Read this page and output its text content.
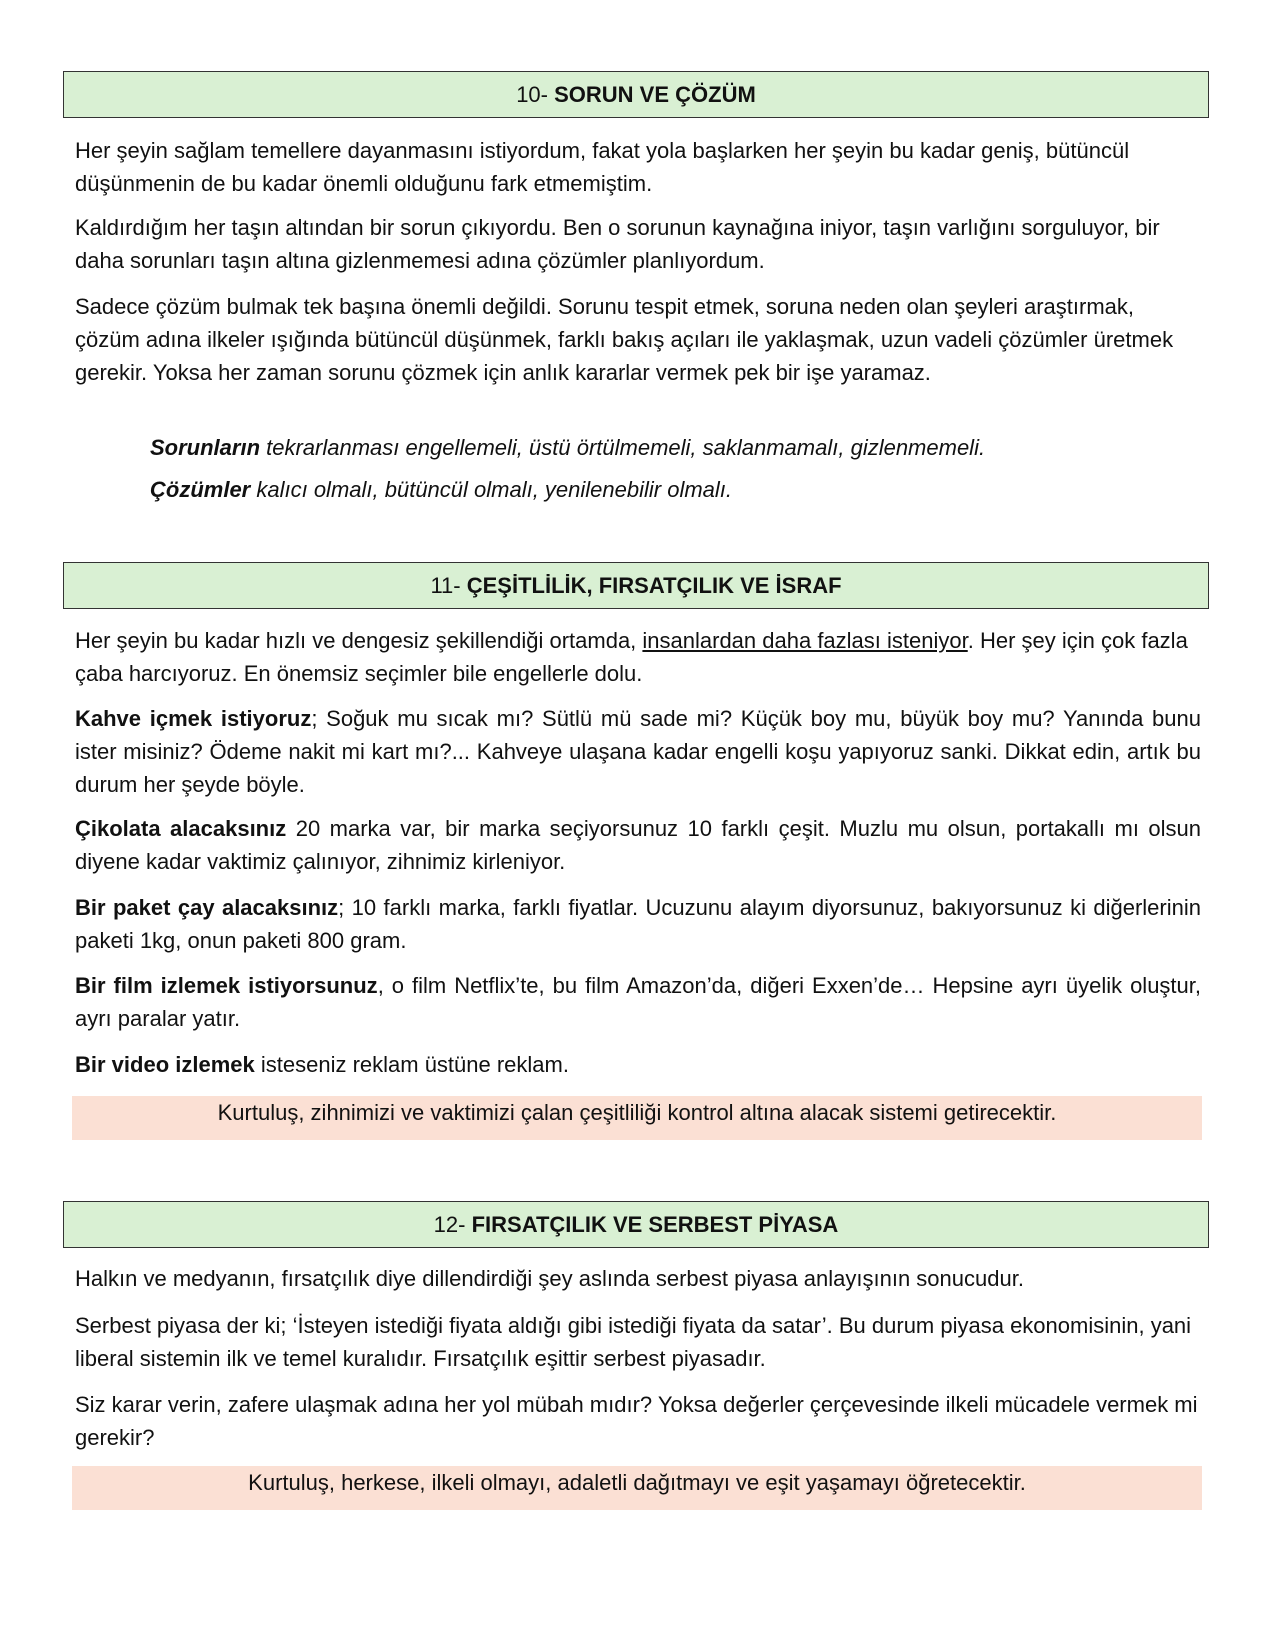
10- SORUN VE ÇÖZÜM

Her şeyin sağlam temellere dayanmasını istiyordum, fakat yola başlarken her şeyin bu kadar geniş, bütüncül düşünmenin de bu kadar önemli olduğunu fark etmemiştim.

Kaldırdığım her taşın altından bir sorun çıkıyordu. Ben o sorunun kaynağına iniyor, taşın varlığını sorguluyor, bir daha sorunları taşın altına gizlenmemesi adına çözümler planlıyordum.

Sadece çözüm bulmak tek başına önemli değildi. Sorunu tespit etmek, soruna neden olan şeyleri araştırmak, çözüm adına ilkeler ışığında bütüncül düşünmek, farklı bakış açıları ile yaklaşmak, uzun vadeli çözümler üretmek gerekir. Yoksa her zaman sorunu çözmek için anlık kararlar vermek pek bir işe yaramaz.

Sorunların tekrarlanması engellemeli, üstü örtülmemeli, saklanmamalı, gizlenmemeli.

Çözümler kalıcı olmalı, bütüncül olmalı, yenilenebilir olmalı.

11- ÇEŞİTLİLİK, FIRSATÇILIK VE İSRAF

Her şeyin bu kadar hızlı ve dengesiz şekillendiği ortamda, insanlardan daha fazlası isteniyor. Her şey için çok fazla çaba harcıyoruz. En önemsiz seçimler bile engellerle dolu.

Kahve içmek istiyoruz; Soğuk mu sıcak mı? Sütlü mü sade mi? Küçük boy mu, büyük boy mu? Yanında bunu ister misiniz? Ödeme nakit mi kart mı?... Kahveye ulaşana kadar engelli koşu yapıyoruz sanki. Dikkat edin, artık bu durum her şeyde böyle.

Çikolata alacaksınız 20 marka var, bir marka seçiyorsunuz 10 farklı çeşit. Muzlu mu olsun, portakallı mı olsun diyene kadar vaktimiz çalınıyor, zihnimiz kirleniyor.

Bir paket çay alacaksınız; 10 farklı marka, farklı fiyatlar. Ucuzunu alayım diyorsunuz, bakıyorsunuz ki diğerlerinin paketi 1kg, onun paketi 800 gram.

Bir film izlemek istiyorsunuz, o film Netflix’te, bu film Amazon’da, diğeri Exxen’de… Hepsine ayrı üyelik oluştur, ayrı paralar yatır.

Bir video izlemek isteseniz reklam üstüne reklam.

Kurtuluş, zihnimizi ve vaktimizi çalan çeşitliliği kontrol altına alacak sistemi getirecektir.
12- FIRSATÇILIK VE SERBEST PİYASA

Halkın ve medyanın, fırsatçılık diye dillendirdiği şey aslında serbest piyasa anlayışının sonucudur.

Serbest piyasa der ki; ‘İsteyen istediği fiyata aldığı gibi istediği fiyata da satar’. Bu durum piyasa ekonomisinin, yani liberal sistemin ilk ve temel kuralıdır. Fırsatçılık eşittir serbest piyasadır.

Siz karar verin, zafere ulaşmak adına her yol mübah mıdır? Yoksa değerler çerçevesinde ilkeli mücadele vermek mi gerekir?

Kurtuluş, herkese, ilkeli olmayı, adaletli dağıtmayı ve eşit yaşamayı öğretecektir.
